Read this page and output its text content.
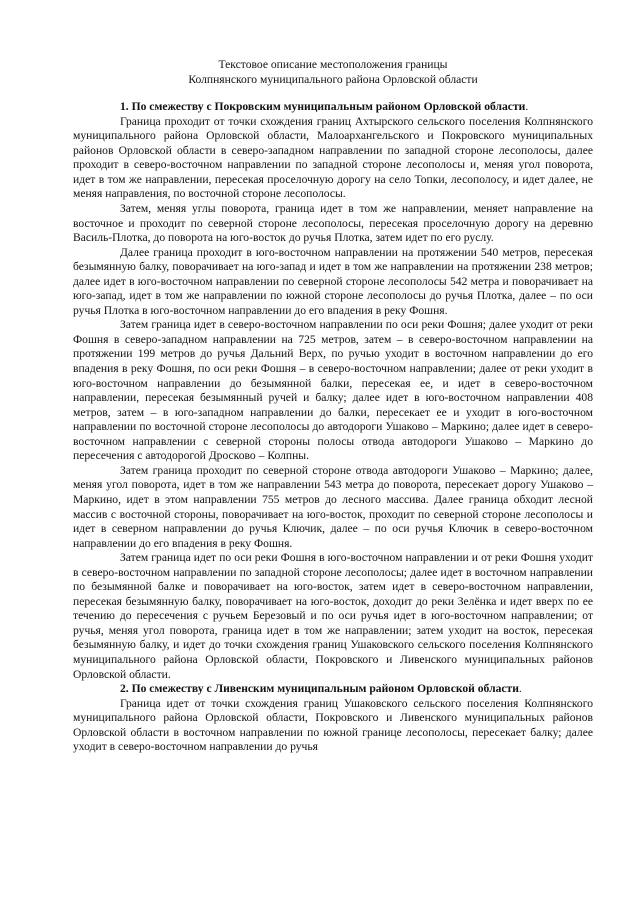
Текстовое описание местоположения границы

Колпнянского муниципального района Орловской области

1. По смежеству с Покровским муниципальным районом Орловской области.

Граница проходит от точки схождения границ Ахтырского сельского поселения Колпнянского муниципального района Орловской области, Малоархангельского и Покровского муниципальных районов Орловской области в северо-западном направлении по западной стороне лесополосы, далее проходит в северо-восточном направлении по западной стороне лесополосы и, меняя угол поворота, идет в том же направлении, пересекая проселочную дорогу на село Топки, лесополосу, и идет далее, не меняя направления, по восточной стороне лесополосы.

Затем, меняя углы поворота, граница идет в том же направлении, меняет направление на восточное и проходит по северной стороне лесополосы, пересекая проселочную дорогу на деревню Василь-Плотка, до поворота на юго-восток до ручья Плотка, затем идет по его руслу.

Далее граница проходит в юго-восточном направлении на протяжении 540 метров, пересекая безымянную балку, поворачивает на юго-запад и идет в том же направлении на протяжении 238 метров; далее идет в юго-восточном направлении по северной стороне лесополосы 542 метра и поворачивает на юго-запад, идет в том же направлении по южной стороне лесополосы до ручья Плотка, далее – по оси ручья Плотка в юго-восточном направлении до его впадения в реку Фошня.

Затем граница идет в северо-восточном направлении по оси реки Фошня; далее уходит от реки Фошня в северо-западном направлении на 725 метров, затем – в северо-восточном направлении на протяжении 199 метров до ручья Дальний Верх, по ручью уходит в восточном направлении до его впадения в реку Фошня, по оси реки Фошня – в северо-восточном направлении; далее от реки уходит в юго-восточном направлении до безымянной балки, пересекая ее, и идет в северо-восточном направлении, пересекая безымянный ручей и балку; далее идет в юго-восточном направлении 408 метров, затем – в юго-западном направлении до балки, пересекает ее и уходит в юго-восточном направлении по восточной стороне лесополосы до автодороги Ушаково – Маркино; далее идет в северо-восточном направлении с северной стороны полосы отвода автодороги Ушаково – Маркино до пересечения с автодорогой Дросково – Колпны.

Затем граница проходит по северной стороне отвода автодороги Ушаково – Маркино; далее, меняя угол поворота, идет в том же направлении 543 метра до поворота, пересекает дорогу Ушаково – Маркино, идет в этом направлении 755 метров до лесного массива. Далее граница обходит лесной массив с восточной стороны, поворачивает на юго-восток, проходит по северной стороне лесополосы и идет в северном направлении до ручья Ключик, далее – по оси ручья Ключик в северо-восточном направлении до его впадения в реку Фошня.

Затем граница идет по оси реки Фошня в юго-восточном направлении и от реки Фошня уходит в северо-восточном направлении по западной стороне лесополосы; далее идет в восточном направлении по безымянной балке и поворачивает на юго-восток, затем идет в северо-восточном направлении, пересекая безымянную балку, поворачивает на юго-восток, доходит до реки Зелёнка и идет вверх по ее течению до пересечения с ручьем Березовый и по оси ручья идет в юго-восточном направлении; от ручья, меняя угол поворота, граница идет в том же направлении; затем уходит на восток, пересекая безымянную балку, и идет до точки схождения границ Ушаковского сельского поселения Колпнянского муниципального района Орловской области, Покровского и Ливенского муниципальных районов Орловской области.

2. По смежеству с Ливенским муниципальным районом Орловской области.

Граница идет от точки схождения границ Ушаковского сельского поселения Колпнянского муниципального района Орловской области, Покровского и Ливенского муниципальных районов Орловской области в восточном направлении по южной границе лесополосы, пересекает балку; далее уходит в северо-восточном направлении до ручья
